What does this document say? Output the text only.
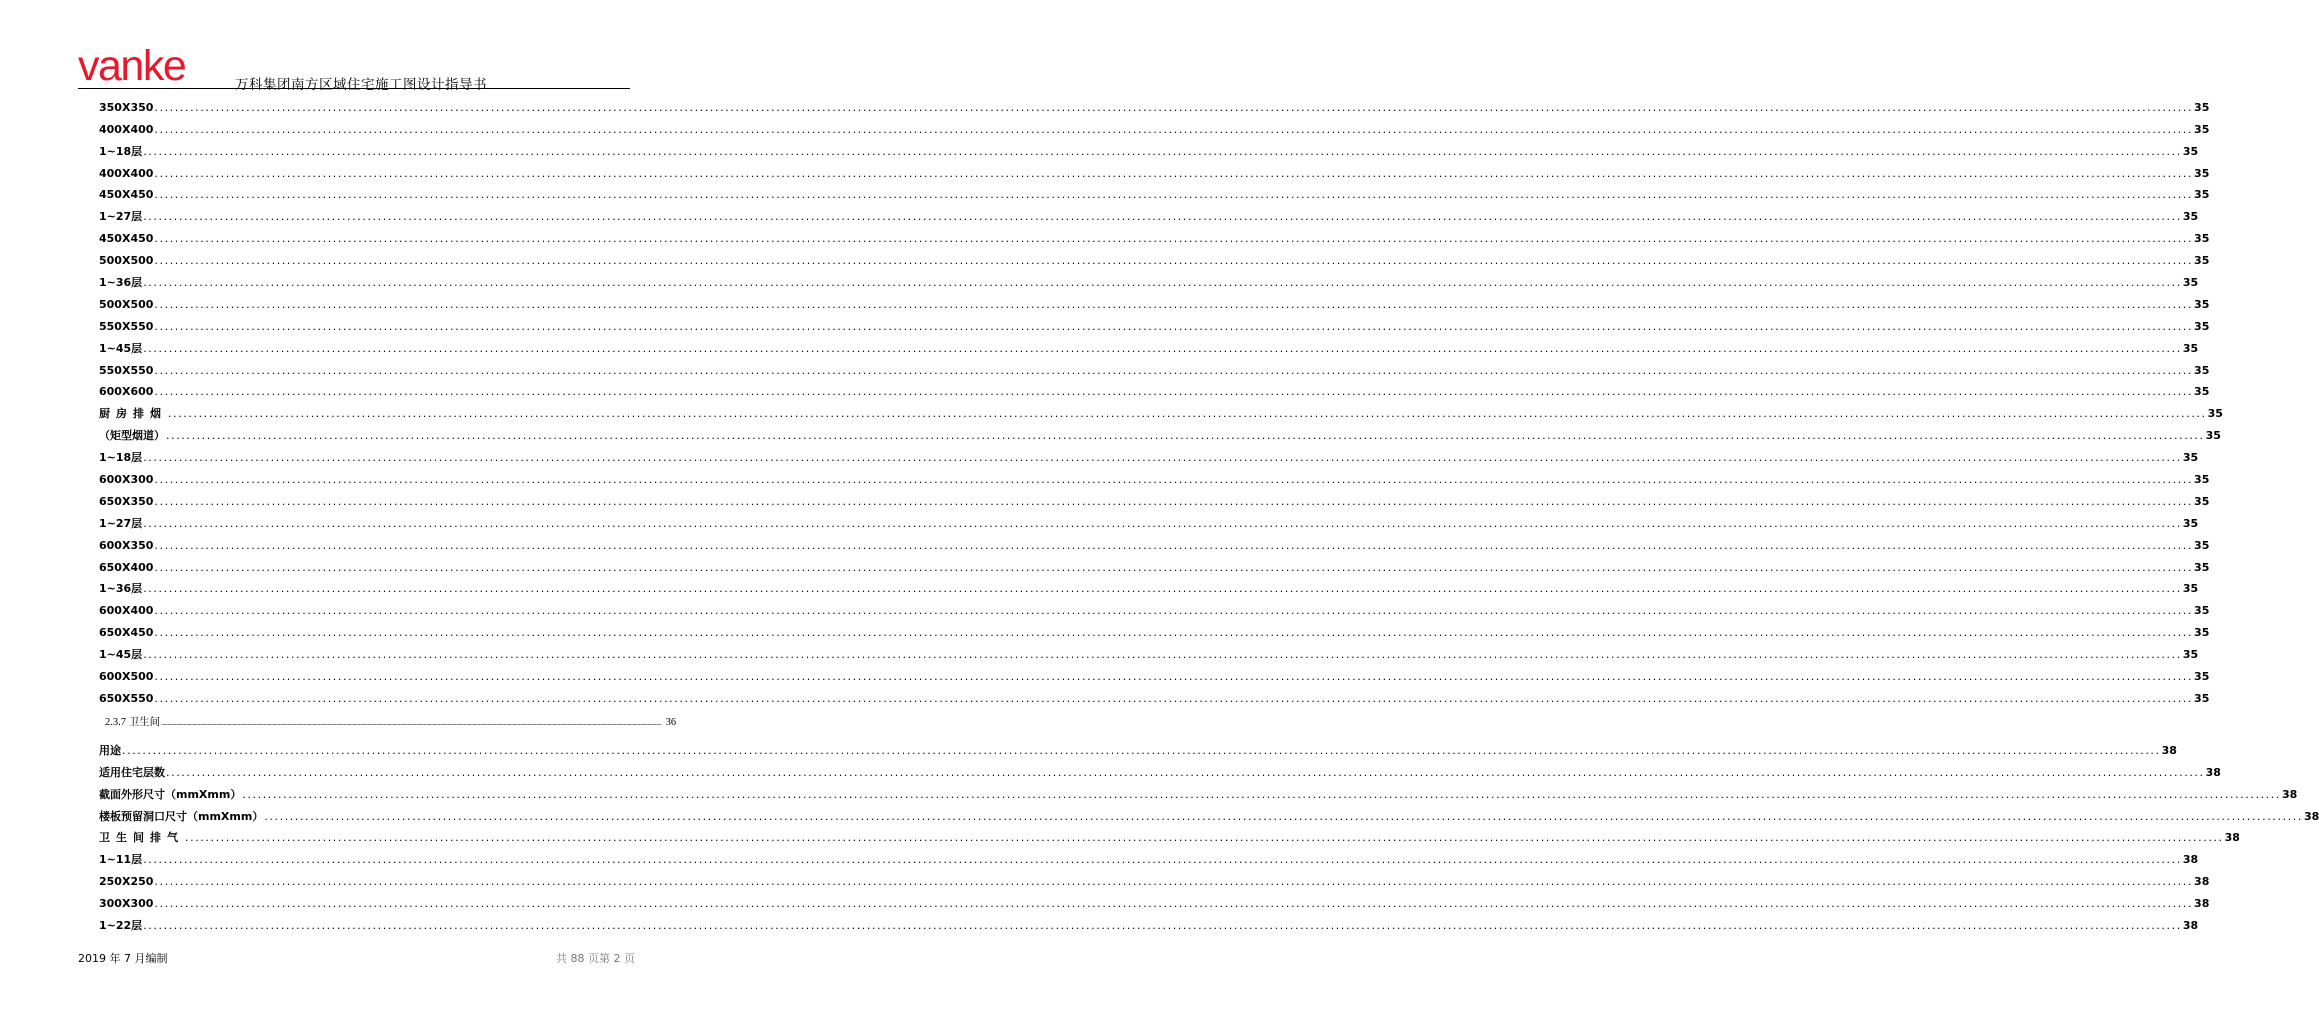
vanke	万科集团南方区域住宅施工图设计指导书
350X350 ................................................................................................................................................................................................................................................................................................................................................................................................................ 35
400X400 ................................................................................................................................................................................................................................................................................................................................................................................................................ 35
1~18层 ................................................................................................................................................................................................................................................................................................................................................................................................................ 35
400X400 ................................................................................................................................................................................................................................................................................................................................................................................................................ 35
450X450 ................................................................................................................................................................................................................................................................................................................................................................................................................ 35
1~27层 ................................................................................................................................................................................................................................................................................................................................................................................................................ 35
450X450 ................................................................................................................................................................................................................................................................................................................................................................................................................ 35
500X500 ................................................................................................................................................................................................................................................................................................................................................................................................................ 35
1~36层 ................................................................................................................................................................................................................................................................................................................................................................................................................ 35
500X500 ................................................................................................................................................................................................................................................................................................................................................................................................................ 35
550X550 ................................................................................................................................................................................................................................................................................................................................................................................................................ 35
1~45层 ................................................................................................................................................................................................................................................................................................................................................................................................................ 35
550X550 ................................................................................................................................................................................................................................................................................................................................................................................................................ 35
600X600 ................................................................................................................................................................................................................................................................................................................................................................................................................ 35
厨房排烟 ................................................................................................................................................................................................................................................................................................................................................................................................................ 35
（矩型烟道） ................................................................................................................................................................................................................................................................................................................................................................................................................ 35
1~18层 ................................................................................................................................................................................................................................................................................................................................................................................................................ 35
600X300 ................................................................................................................................................................................................................................................................................................................................................................................................................ 35
650X350 ................................................................................................................................................................................................................................................................................................................................................................................................................ 35
1~27层 ................................................................................................................................................................................................................................................................................................................................................................................................................ 35
600X350 ................................................................................................................................................................................................................................................................................................................................................................................................................ 35
650X400 ................................................................................................................................................................................................................................................................................................................................................................................................................ 35
1~36层 ................................................................................................................................................................................................................................................................................................................................................................................................................ 35
600X400 ................................................................................................................................................................................................................................................................................................................................................................................................................ 35
650X450 ................................................................................................................................................................................................................................................................................................................................................................................................................ 35
1~45层 ................................................................................................................................................................................................................................................................................................................................................................................................................ 35
600X500 ................................................................................................................................................................................................................................................................................................................................................................................................................ 35
650X550 ................................................................................................................................................................................................................................................................................................................................................................................................................ 35
2.3.7 卫生间 ................................................................................................................................................................................................................................................................................................................................................................................................................ 36
用途 ................................................................................................................................................................................................................................................................................................................................................................................................................ 38
适用住宅层数 ................................................................................................................................................................................................................................................................................................................................................................................................................ 38
截面外形尺寸（mmXmm） ................................................................................................................................................................................................................................................................................................................................................................................................................ 38
楼板预留洞口尺寸（mmXmm） ................................................................................................................................................................................................................................................................................................................................................................................................................ 38
卫生间排气 ................................................................................................................................................................................................................................................................................................................................................................................................................ 38
1~11层 ................................................................................................................................................................................................................................................................................................................................................................................................................ 38
250X250 ................................................................................................................................................................................................................................................................................................................................................................................................................ 38
300X300 ................................................................................................................................................................................................................................................................................................................................................................................................................ 38
1~22层 ................................................................................................................................................................................................................................................................................................................................................................................................................ 38
2019 年 7 月编制	共 88 页第 2 页
